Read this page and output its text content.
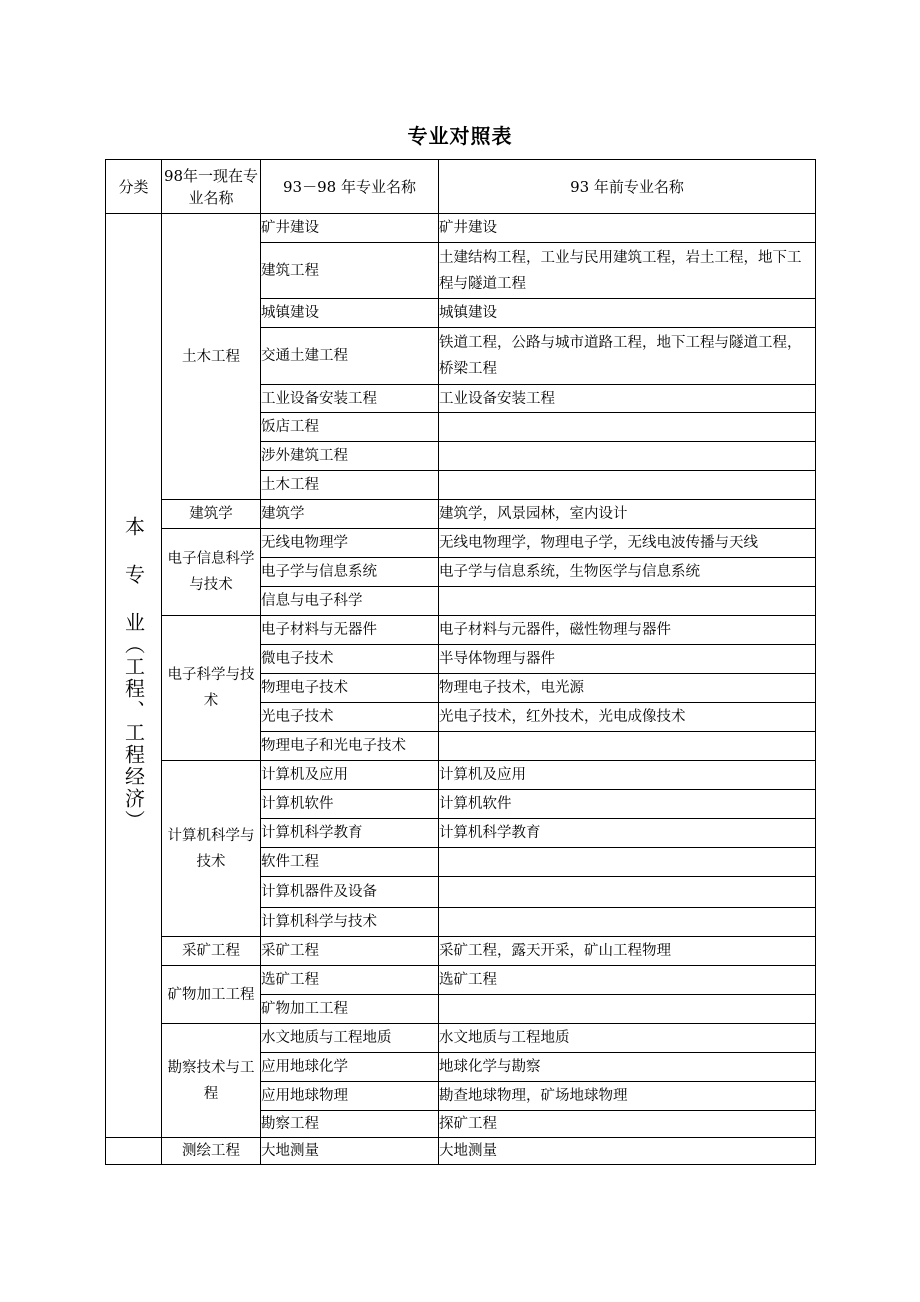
专业对照表
分类	98年一现在专业名称	93－98 年专业名称	93 年前专业名称
本 专 业（工程、工程经济）	土木工程	矿井建设	矿井建设
		建筑工程	土建结构工程，工业与民用建筑工程，岩土工程，地下工程与隧道工程
		城镇建设	城镇建设
		交通土建工程	铁道工程，公路与城市道路工程，地下工程与隧道工程，桥梁工程
		工业设备安装工程	工业设备安装工程
		饭店工程	
		涉外建筑工程	
		土木工程	
	建筑学	建筑学	建筑学，风景园林，室内设计
	电子信息科学与技术	无线电物理学	无线电物理学，物理电子学，无线电波传播与天线
		电子学与信息系统	电子学与信息系统，生物医学与信息系统
		信息与电子科学	
	电子科学与技术	电子材料与无器件	电子材料与元器件，磁性物理与器件
		微电子技术	半导体物理与器件
		物理电子技术	物理电子技术，电光源
		光电子技术	光电子技术，红外技术，光电成像技术
		物理电子和光电子技术	
	计算机科学与技术	计算机及应用	计算机及应用
		计算机软件	计算机软件
		计算机科学教育	计算机科学教育
		软件工程	
		计算机器件及设备	
		计算机科学与技术	
	采矿工程	采矿工程	采矿工程，露天开采，矿山工程物理
	矿物加工工程	选矿工程	选矿工程
		矿物加工工程	
	勘察技术与工程	水文地质与工程地质	水文地质与工程地质
		应用地球化学	地球化学与勘察
		应用地球物理	勘查地球物理，矿场地球物理
		勘察工程	探矿工程
	测绘工程	大地测量	大地测量
